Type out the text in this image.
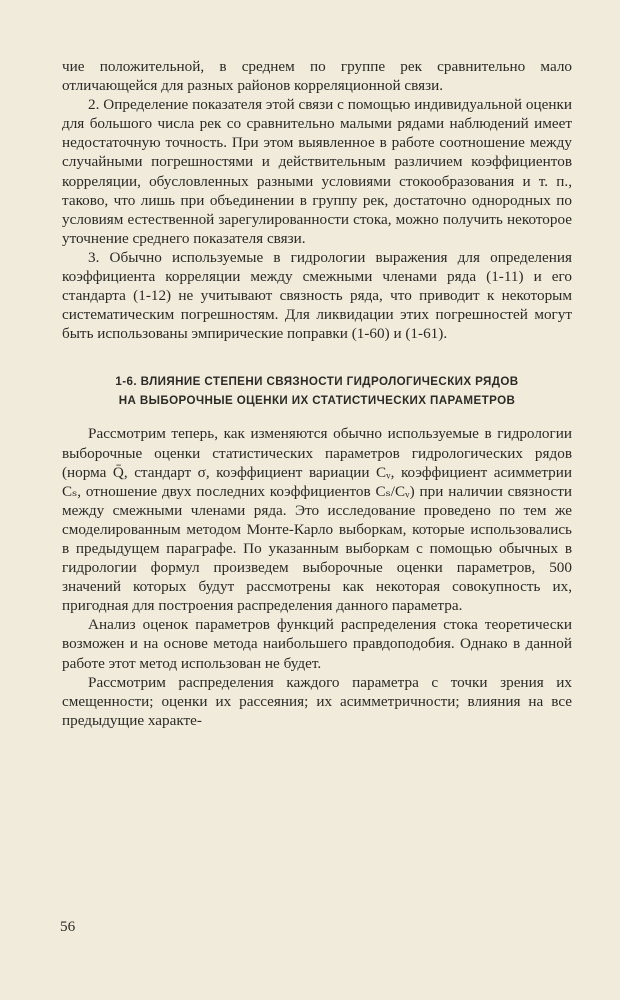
чие положительной, в среднем по группе рек сравнительно мало отличающейся для разных районов корреляционной связи.

2. Определение показателя этой связи с помощью индивидуальной оценки для большого числа рек со сравнительно малыми рядами наблюдений имеет недостаточную точность. При этом выявленное в работе соотношение между случайными погрешностями и действительным различием коэффициентов корреляции, обусловленных разными условиями стокообразования и т. п., таково, что лишь при объединении в группу рек, достаточно однородных по условиям естественной зарегулированности стока, можно получить некоторое уточнение среднего показателя связи.

3. Обычно используемые в гидрологии выражения для определения коэффициента корреляции между смежными членами ряда (1-11) и его стандарта (1-12) не учитывают связность ряда, что приводит к некоторым систематическим погрешностям. Для ликвидации этих погрешностей могут быть использованы эмпирические поправки (1-60) и (1-61).

1-6. ВЛИЯНИЕ СТЕПЕНИ СВЯЗНОСТИ ГИДРОЛОГИЧЕСКИХ РЯДОВ
НА ВЫБОРОЧНЫЕ ОЦЕНКИ ИХ СТАТИСТИЧЕСКИХ ПАРАМЕТРОВ

Рассмотрим теперь, как изменяются обычно используемые в гидрологии выборочные оценки статистических параметров гидрологических рядов (норма Q̄, стандарт σ, коэффициент вариации Cᵥ, коэффициент асимметрии Cₛ, отношение двух последних коэффициентов Cₛ/Cᵥ) при наличии связности между смежными членами ряда. Это исследование проведено по тем же смоделированным методом Монте-Карло выборкам, которые использовались в предыдущем параграфе. По указанным выборкам с помощью обычных в гидрологии формул произведем выборочные оценки параметров, 500 значений которых будут рассмотрены как некоторая совокупность их, пригодная для построения распределения данного параметра.

Анализ оценок параметров функций распределения стока теоретически возможен и на основе метода наибольшего правдоподобия. Однако в данной работе этот метод использован не будет.

Рассмотрим распределения каждого параметра с точки зрения их смещенности; оценки их рассеяния; их асимметричности; влияния на все предыдущие характе-

56
